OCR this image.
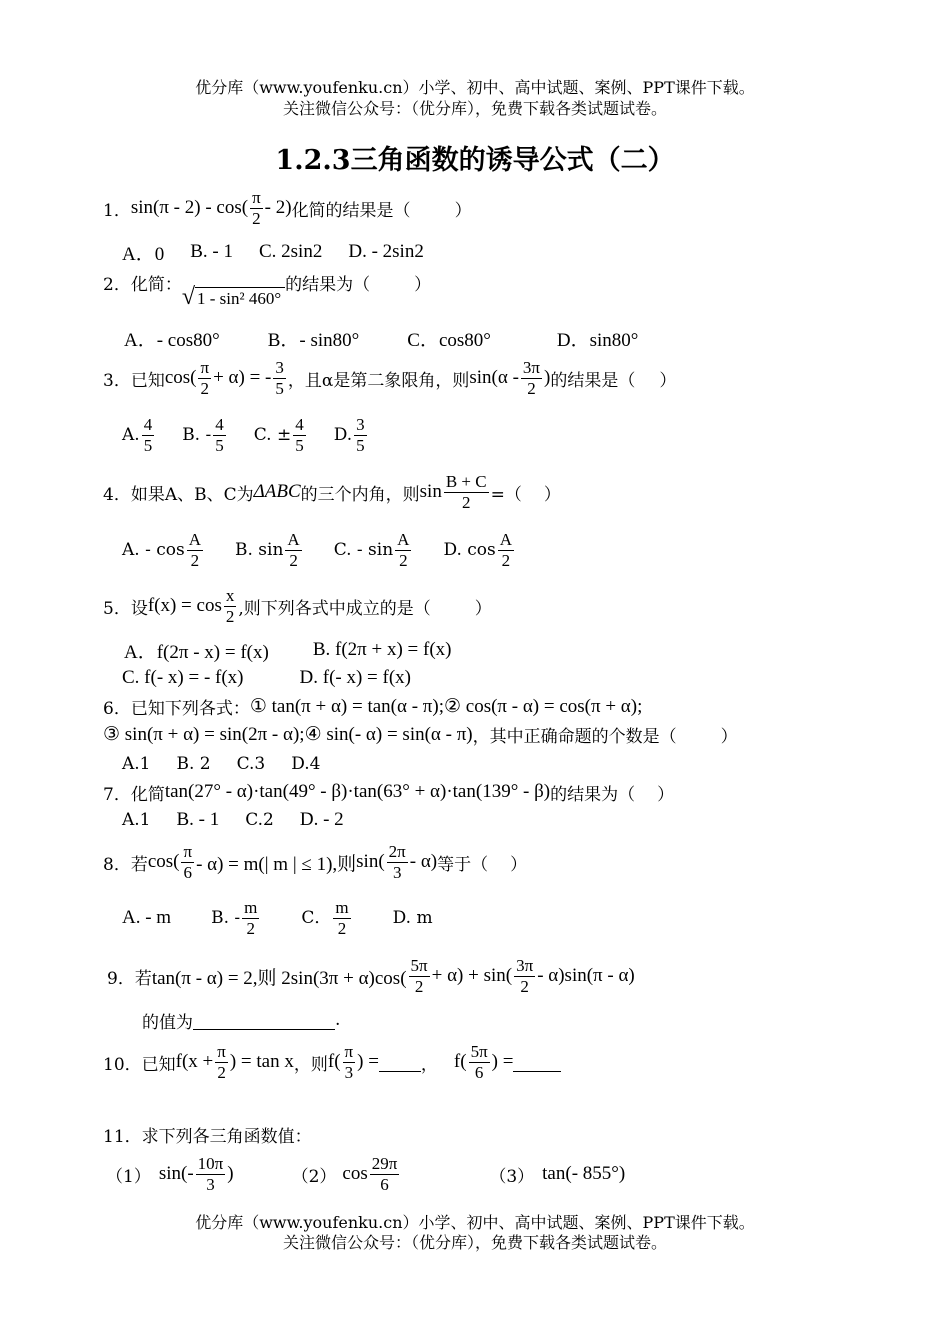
优分库（www.youfenku.cn）小学、初中、高中试题、案例、PPT课件下载。
关注微信公众号：（优分库），免费下载各类试题试卷。
1.2.3三角函数的诱导公式（二）
1． sin(π - 2) - cos( π
2 - 2) 化简的结果是（	）
A．0 B. - 1 C. 2sin2 D. - 2sin2
2． 化简： √ 1 - sin² 460°
的结果为（	）
A．- cos80°	B．- sin80°	C．cos80°	D．sin80°
3． 已知 cos( π
2 + α) = - 3
5 ，且α是第二象限角，则 sin(α - 3π
2 ) 的结果是（ ）
A. $\frac{4}{5} B$. - $\frac{4}{5} C$. ± $\frac{4}{5} D$. $\frac{3}{5}$
4． 如果A、B、C为 ΔABC 的三个内角，则 $\sin \frac{B + C}{2}$ =（ ）
A. - $\cos \frac{A}{2} B$. $\sin \frac{A}{2} C$. - $\sin \frac{A}{2} D$. $\cos \frac{A}{2}$
5． 设 f(x) = cos x
2 ,则下列各式中成立的是（	）
A．f(2π - x) = f(x) B. f(2π + x) = f(x)
C. f(- x) = - f(x)	D. f(- x) = f(x)
6． 已知下列各式： ① tan(π + α) = tan(α - π);② cos(π - α) = cos(π + α);
③ sin(π + α) = sin(2π - α);④ sin(- α) = sin(α - π) ，其中正确命题的个数是（	）
A.1 B. 2 C.3 D.4
7． 化简 tan(27° - α)·tan(49° - β)·tan(63° + α)·tan(139° - β) 的结果为（ ）
A.1 B. - 1 C.2 D. - 2
8． 若 cos( π
6 - α) = m(| m | ≤ 1),则 sin( 2π
3 - α) 等于（ ）
A. - m B. - $\frac{m}{2}$ C． $\frac{m}{2} D$. m
9． 若 tan(π - α) = 2,则 2sin(3π + α)cos(
5π
2 + α) + sin( 3π
2 - α)sin(π - α)
的值为	.
10． 已知 $f(x + \frac{\pi}{2}$ ) = tan x ，则 f( π
3 ) = ， f( 5π
6 ) =
11． 求下列各三角函数值：
（1） sin(- 10π
3 )	（2） cos 29π
6	（3） tan(- 855°)
优分库（www.youfenku.cn）小学、初中、高中试题、案例、PPT课件下载。
关注微信公众号：（优分库），免费下载各类试题试卷。
